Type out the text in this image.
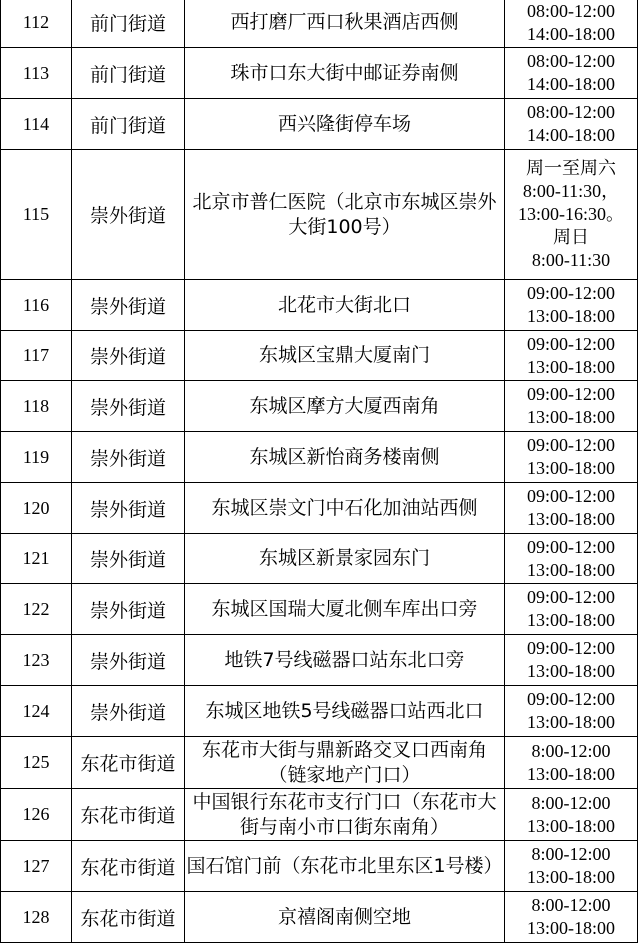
112	前门街道	西打磨厂西口秋果酒店西侧	08:00-12:00
14:00-18:00

113	前门街道	珠市口东大街中邮证券南侧	08:00-12:00
14:00-18:00

114	前门街道	西兴隆街停车场	08:00-12:00
14:00-18:00

115	崇外街道	北京市普仁医院（北京市东城区崇外大街100号）	周一至周六
8:00-11:30，
13:00-16:30。
周日
8:00-11:30

116	崇外街道	北花市大街北口	09:00-12:00
13:00-18:00

117	崇外街道	东城区宝鼎大厦南门	09:00-12:00
13:00-18:00

118	崇外街道	东城区摩方大厦西南角	09:00-12:00
13:00-18:00

119	崇外街道	东城区新怡商务楼南侧	09:00-12:00
13:00-18:00

120	崇外街道	东城区崇文门中石化加油站西侧	09:00-12:00
13:00-18:00

121	崇外街道	东城区新景家园东门	09:00-12:00
13:00-18:00

122	崇外街道	东城区国瑞大厦北侧车库出口旁	09:00-12:00
13:00-18:00

123	崇外街道	地铁7号线磁器口站东北口旁	09:00-12:00
13:00-18:00

124	崇外街道	东城区地铁5号线磁器口站西北口	09:00-12:00
13:00-18:00

125	东花市街道	东花市大街与鼎新路交叉口西南角（链家地产门口）	8:00-12:00
13:00-18:00

126	东花市街道	中国银行东花市支行门口（东花市大街与南小市口街东南角）	8:00-12:00
13:00-18:00

127	东花市街道	国石馆门前（东花市北里东区1号楼）	8:00-12:00
13:00-18:00

128	东花市街道	京禧阁南侧空地	8:00-12:00
13:00-18:00
